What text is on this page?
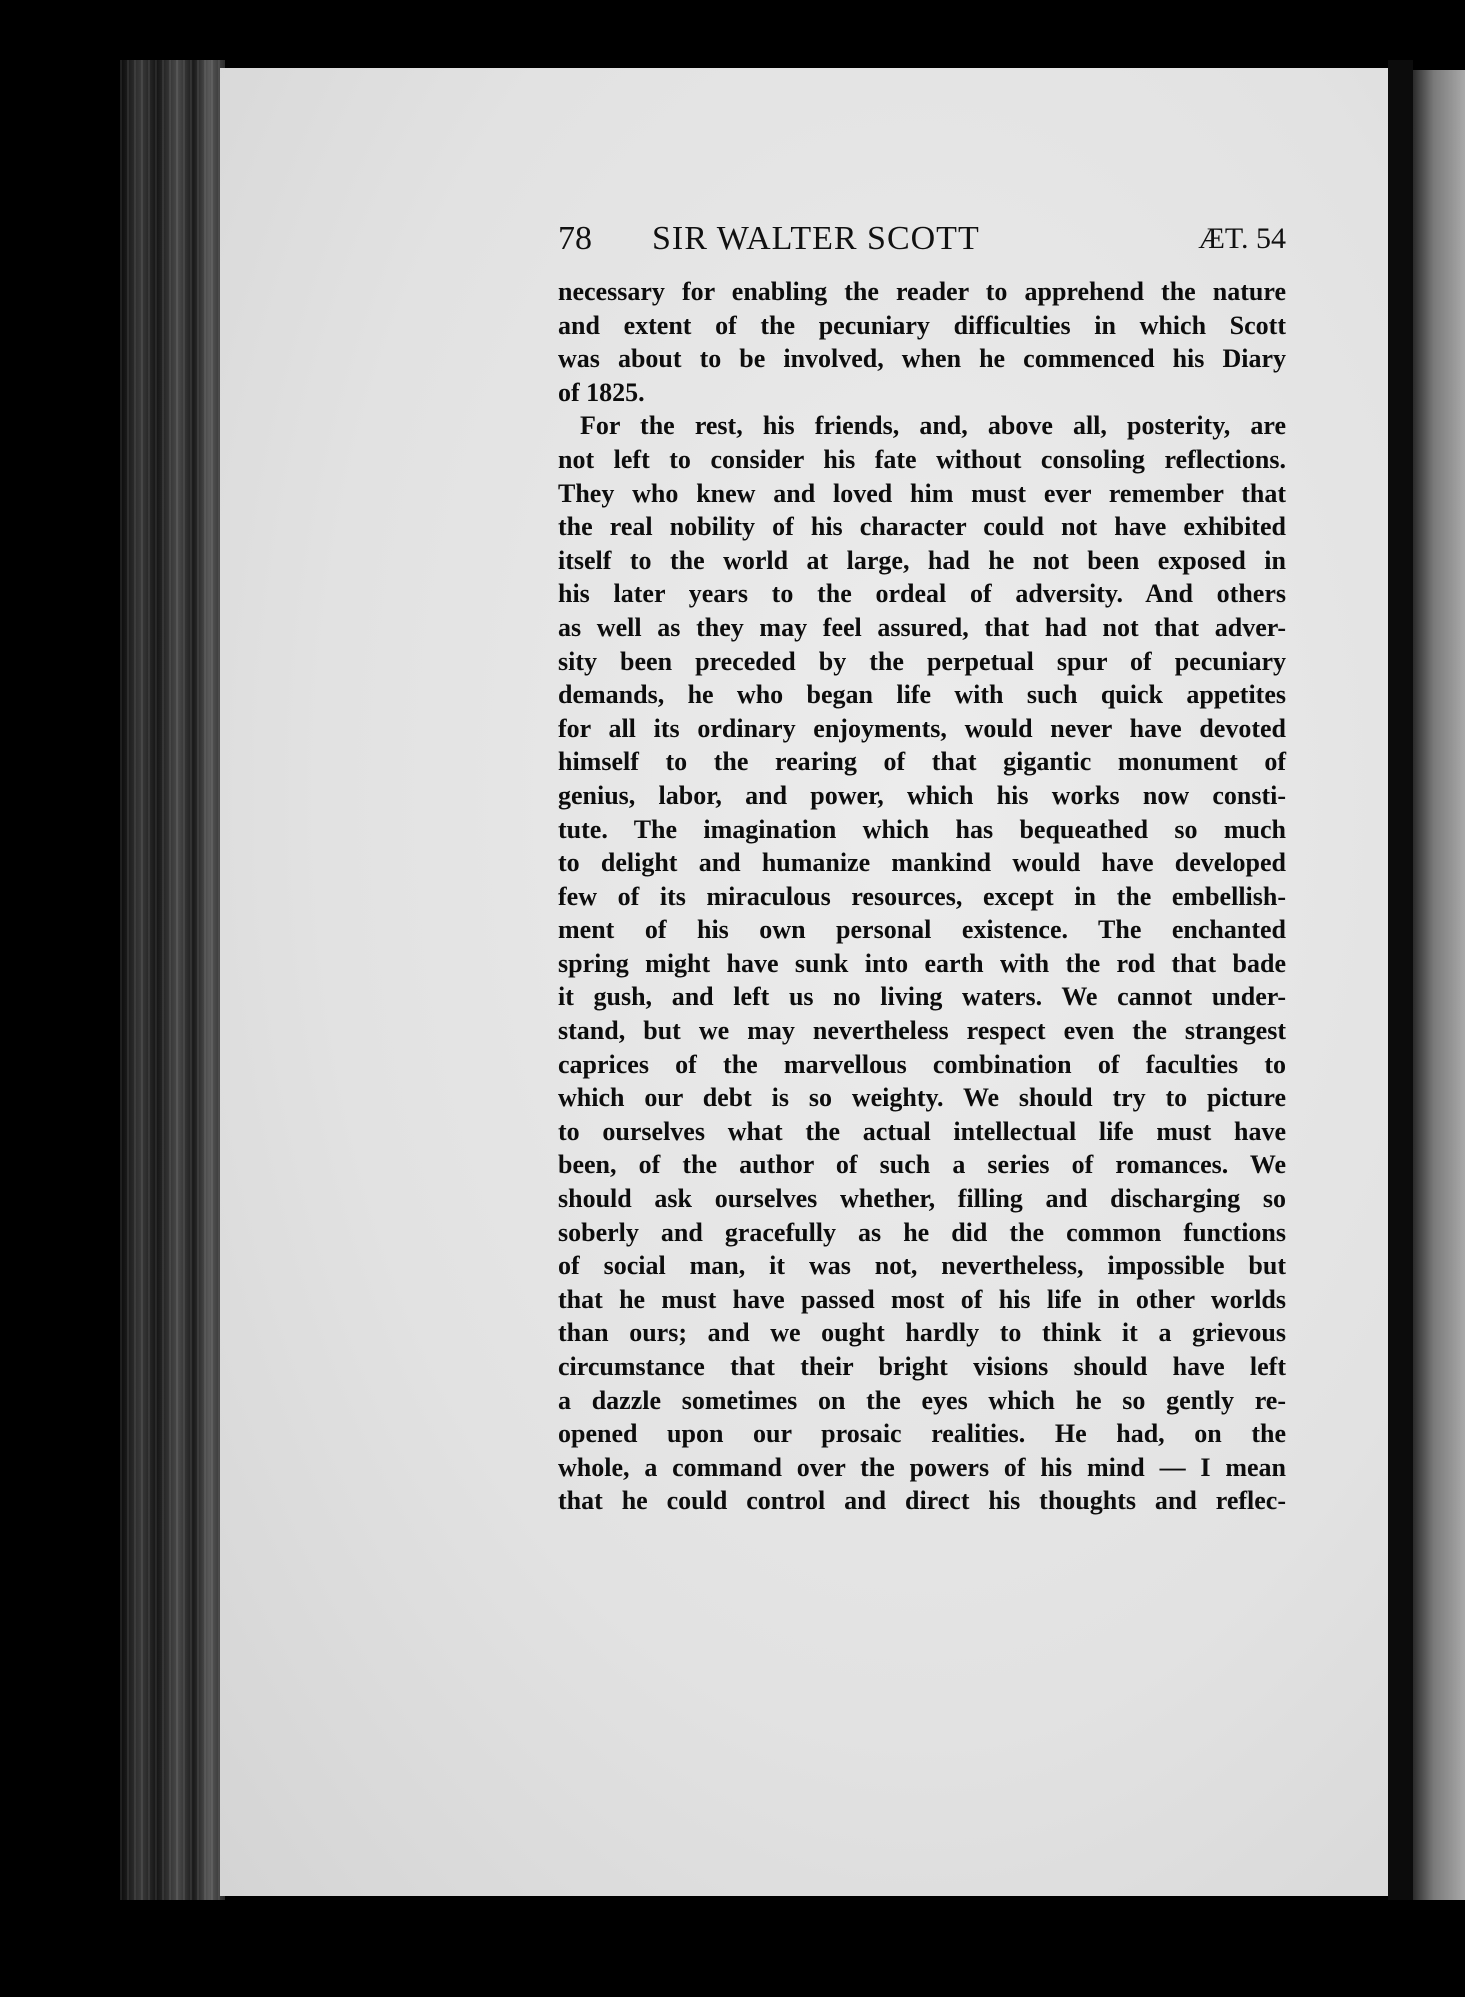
78 SIR WALTER SCOTT	ÆT. 54
necessary for enabling the reader to apprehend the nature
and extent of the pecuniary difficulties in which Scott
was about to be involved, when he commenced his Diary
of 1825.
For the rest, his friends, and, above all, posterity, are
not left to consider his fate without consoling reflections.
They who knew and loved him must ever remember that
the real nobility of his character could not have exhibited
itself to the world at large, had he not been exposed in
his later years to the ordeal of adversity. And others
as well as they may feel assured, that had not that adver-
sity been preceded by the perpetual spur of pecuniary
demands, he who began life with such quick appetites
for all its ordinary enjoyments, would never have devoted
himself to the rearing of that gigantic monument of
genius, labor, and power, which his works now consti-
tute. The imagination which has bequeathed so much
to delight and humanize mankind would have developed
few of its miraculous resources, except in the embellish-
ment of his own personal existence. The enchanted
spring might have sunk into earth with the rod that bade
it gush, and left us no living waters. We cannot under-
stand, but we may nevertheless respect even the strangest
caprices of the marvellous combination of faculties to
which our debt is so weighty. We should try to picture
to ourselves what the actual intellectual life must have
been, of the author of such a series of romances. We
should ask ourselves whether, filling and discharging so
soberly and gracefully as he did the common functions
of social man, it was not, nevertheless, impossible but
that he must have passed most of his life in other worlds
than ours; and we ought hardly to think it a grievous
circumstance that their bright visions should have left
a dazzle sometimes on the eyes which he so gently re-
opened upon our prosaic realities. He had, on the
whole, a command over the powers of his mind — I mean
that he could control and direct his thoughts and reflec-
